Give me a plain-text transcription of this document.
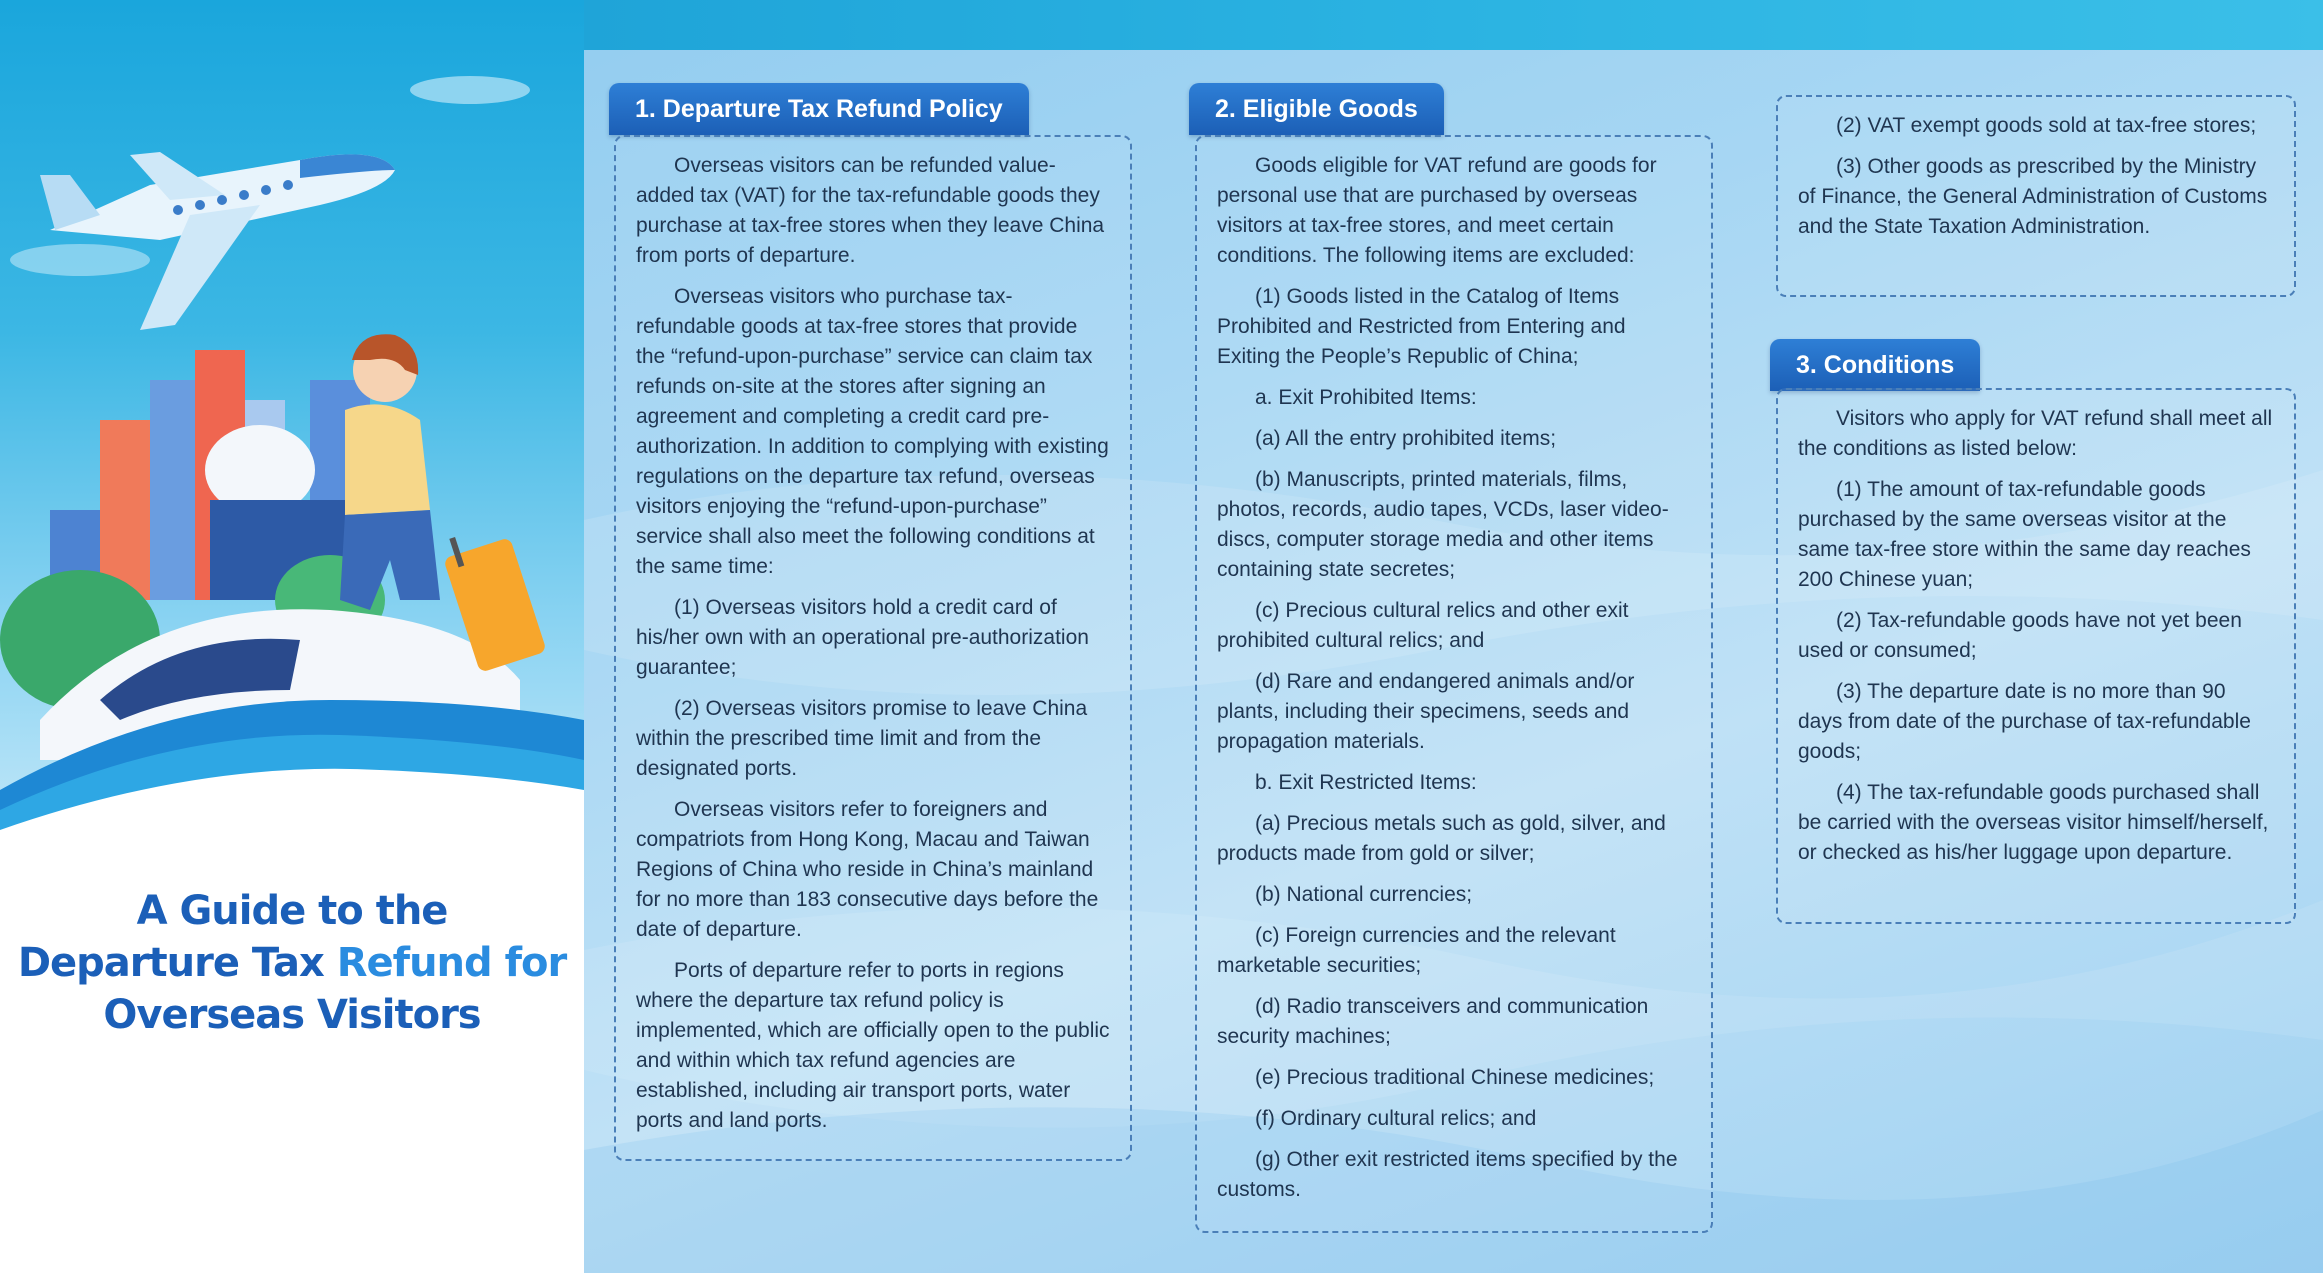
A Guide to the
Departure Tax Refund for
Overseas Visitors
1. Departure Tax Refund Policy

Overseas visitors can be refunded value-added tax (VAT) for the tax-refundable goods they purchase at tax-free stores when they leave China from ports of departure.

Overseas visitors who purchase tax-refundable goods at tax-free stores that provide the “refund-upon-purchase” service can claim tax refunds on-site at the stores after signing an agreement and completing a credit card pre-authorization. In addition to complying with existing regulations on the departure tax refund, overseas visitors enjoying the “refund-upon-purchase” service shall also meet the following conditions at the same time:

(1) Overseas visitors hold a credit card of his/her own with an operational pre-authorization guarantee;

(2) Overseas visitors promise to leave China within the prescribed time limit and from the designated ports.

Overseas visitors refer to foreigners and compatriots from Hong Kong, Macau and Taiwan Regions of China who reside in China’s mainland for no more than 183 consecutive days before the date of departure.

Ports of departure refer to ports in regions where the departure tax refund policy is implemented, which are officially open to the public and within which tax refund agencies are established, including air transport ports, water ports and land ports.

2. Eligible Goods

Goods eligible for VAT refund are goods for personal use that are purchased by overseas visitors at tax-free stores, and meet certain conditions. The following items are excluded:

(1) Goods listed in the Catalog of Items Prohibited and Restricted from Entering and Exiting the People’s Republic of China;

a. Exit Prohibited Items:

(a) All the entry prohibited items;

(b) Manuscripts, printed materials, films, photos, records, audio tapes, VCDs, laser video-discs, computer storage media and other items containing state secretes;

(c) Precious cultural relics and other exit prohibited cultural relics; and

(d) Rare and endangered animals and/or plants, including their specimens, seeds and propagation materials.

b. Exit Restricted Items:

(a) Precious metals such as gold, silver, and products made from gold or silver;

(b) National currencies;

(c) Foreign currencies and the relevant marketable securities;

(d) Radio transceivers and communication security machines;

(e) Precious traditional Chinese medicines;

(f) Ordinary cultural relics; and

(g) Other exit restricted items specified by the customs.

(2) VAT exempt goods sold at tax-free stores;

(3) Other goods as prescribed by the Ministry of Finance, the General Administration of Customs and the State Taxation Administration.

3. Conditions

Visitors who apply for VAT refund shall meet all the conditions as listed below:

(1) The amount of tax-refundable goods purchased by the same overseas visitor at the same tax-free store within the same day reaches 200 Chinese yuan;

(2) Tax-refundable goods have not yet been used or consumed;

(3) The departure date is no more than 90 days from date of the purchase of tax-refundable goods;

(4) The tax-refundable goods purchased shall be carried with the overseas visitor himself/herself, or checked as his/her luggage upon departure.
